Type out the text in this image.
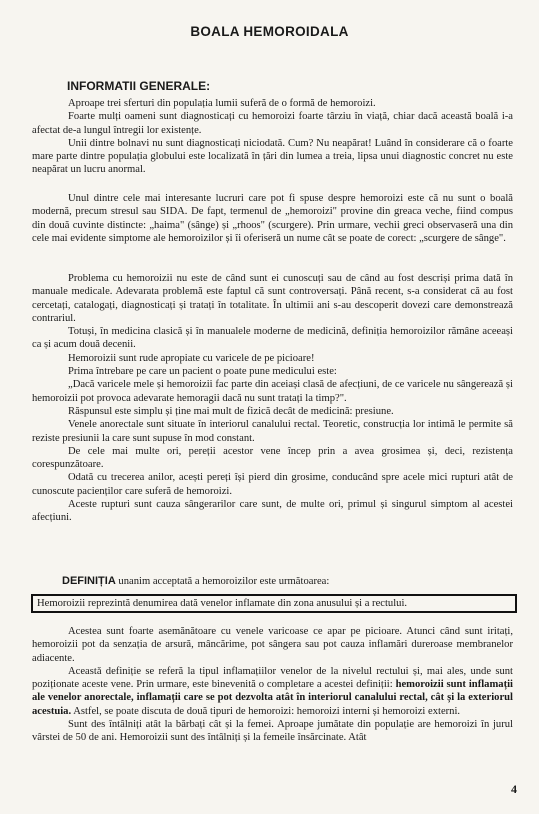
BOALA HEMOROIDALA
INFORMATII GENERALE:

Aproape trei sferturi din populația lumii suferă de o formă de hemoroizi.

Foarte mulți oameni sunt diagnosticați cu hemoroizi foarte târziu în viață, chiar dacă această boală i-a afectat de-a lungul întregii lor existențe.

Unii dintre bolnavi nu sunt diagnosticați niciodată. Cum? Nu neapărat! Luând în considerare că o foarte mare parte dintre populația globului este localizată în țări din lumea a treia, lipsa unui diagnostic concret nu este neapărat un lucru anormal.

Unul dintre cele mai interesante lucruri care pot fi spuse despre hemoroizi este că nu sunt o boală modernă, precum stresul sau SIDA. De fapt, termenul de „hemoroizi" provine din greaca veche, fiind compus din două cuvinte distincte: „haima" (sânge) și „rhoos" (scurgere). Prin urmare, vechii greci observaseră una din cele mai evidente simptome ale hemoroizilor și îi oferiseră un nume cât se poate de corect: „scurgere de sânge".

Problema cu hemoroizii nu este de când sunt ei cunoscuți sau de când au fost descriși prima dată în manuale medicale. Adevarata problemă este faptul că sunt controversați. Până recent, s-a considerat că au fost cercetați, catalogați, diagnosticați și tratați în totalitate. În ultimii ani s-au descoperit dovezi care demonstrează contrariul.

Totuși, în medicina clasică și în manualele moderne de medicină, definiția hemoroizilor rămâne aceeași ca și acum două decenii.

Hemoroizii sunt rude apropiate cu varicele de pe picioare!

Prima întrebare pe care un pacient o poate pune medicului este:

„Dacă varicele mele și hemoroizii fac parte din aceiași clasă de afecțiuni, de ce varicele nu sângerează și hemoroizii pot provoca adevarate hemoragii dacă nu sunt tratați la timp?".

Răspunsul este simplu și ține mai mult de fizică decât de medicină: presiune.

Venele anorectale sunt situate în interiorul canalului rectal. Teoretic, construcția lor intimă le permite să reziste presiunii la care sunt supuse în mod constant.

De cele mai multe ori, pereții acestor vene încep prin a avea grosimea și, deci, rezistența corespunzătoare.

Odată cu trecerea anilor, acești pereți își pierd din grosime, conducând spre acele mici rupturi atât de cunoscute pacienților care suferă de hemoroizi.

Aceste rupturi sunt cauza sângerarilor care sunt, de multe ori, primul și singurul simptom al acestei afecțiuni.

DEFINIȚIA unanim acceptată a hemoroizilor este următoarea:
Hemoroizii reprezintă denumirea dată venelor inflamate din zona anusului și a rectului.

Acestea sunt foarte asemănătoare cu venele varicoase ce apar pe picioare. Atunci când sunt iritați, hemoroizii pot da senzația de arsură, mâncărime, pot sângera sau pot cauza inflamări dureroase membranelor adiacente.

Aceastǎ definiție se referă la tipul inflamațiilor venelor de la nivelul rectului și, mai ales, unde sunt poziționate aceste vene. Prin urmare, este binevenită o completare a acestei definiții: hemoroizii sunt inflamații ale venelor anorectale, inflamații care se pot dezvolta atât în interiorul canalului rectal, cât și la exteriorul acestuia. Astfel, se poate discuta de două tipuri de hemoroizi: hemoroizi interni și hemoroizi externi.

Sunt des întâlniți atât la bărbați cât și la femei. Aproape jumătate din populație are hemoroizi în jurul vârstei de 50 de ani. Hemoroizii sunt des întâlniți și la femeile însărcinate. Atât

4
